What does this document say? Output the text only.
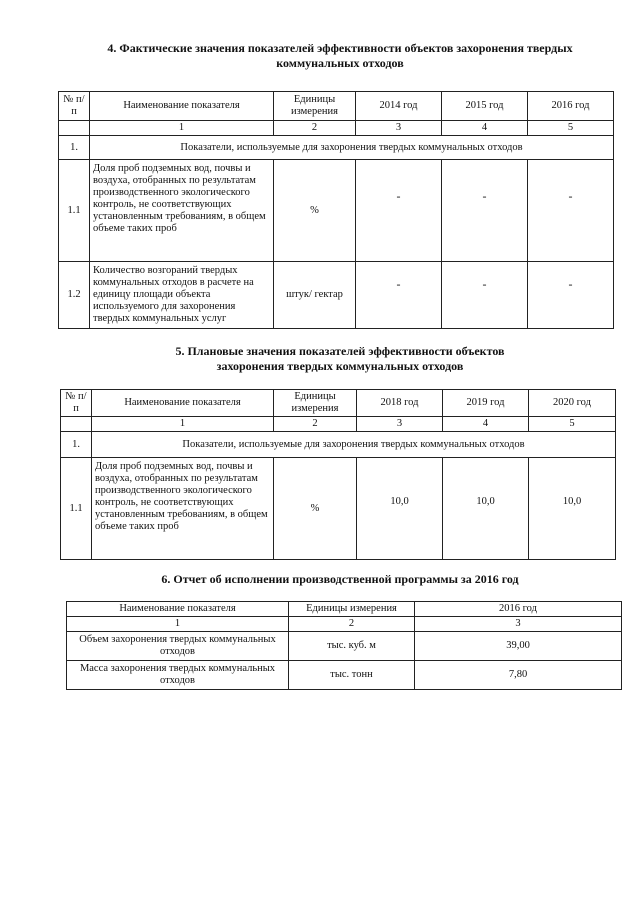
4. Фактические значения показателей эффективности объектов захоронения твердых
коммунальных отходов
№ п/п	Наименование показателя	Единицы измерения	2014 год	2015 год	2016 год
	1	2	3	4	5
1.	Показатели, используемые для захоронения твердых коммунальных отходов				
1.1	Доля проб подземных вод, почвы и воздуха, отобранных по результатам производственного экологического контроль, не соответствующих установленным требованиям, в общем объеме таких проб	%	-	-	-
1.2	Количество возгораний твердых коммунальных отходов в расчете на единицу площади объекта используемого для захоронения твердых коммунальных услуг	штук/ гектар	-	-	-
5. Плановые значения показателей эффективности объектов
захоронения твердых коммунальных отходов
№ п/п	Наименование показателя	Единицы измерения	2018 год	2019 год	2020 год
	1	2	3	4	5
1.	Показатели, используемые для захоронения твердых коммунальных отходов				
1.1	Доля проб подземных вод, почвы и воздуха, отобранных по результатам производственного экологического контроль, не соответствующих установленным требованиям, в общем объеме таких проб	%	10,0	10,0	10,0
6. Отчет об исполнении производственной программы за 2016 год
Наименование показателя	Единицы измерения	2016 год
1	2	3
Объем захоронения твердых коммунальных отходов	тыс. куб. м	39,00
Масса захоронения твердых коммунальных отходов	тыс. тонн	7,80
